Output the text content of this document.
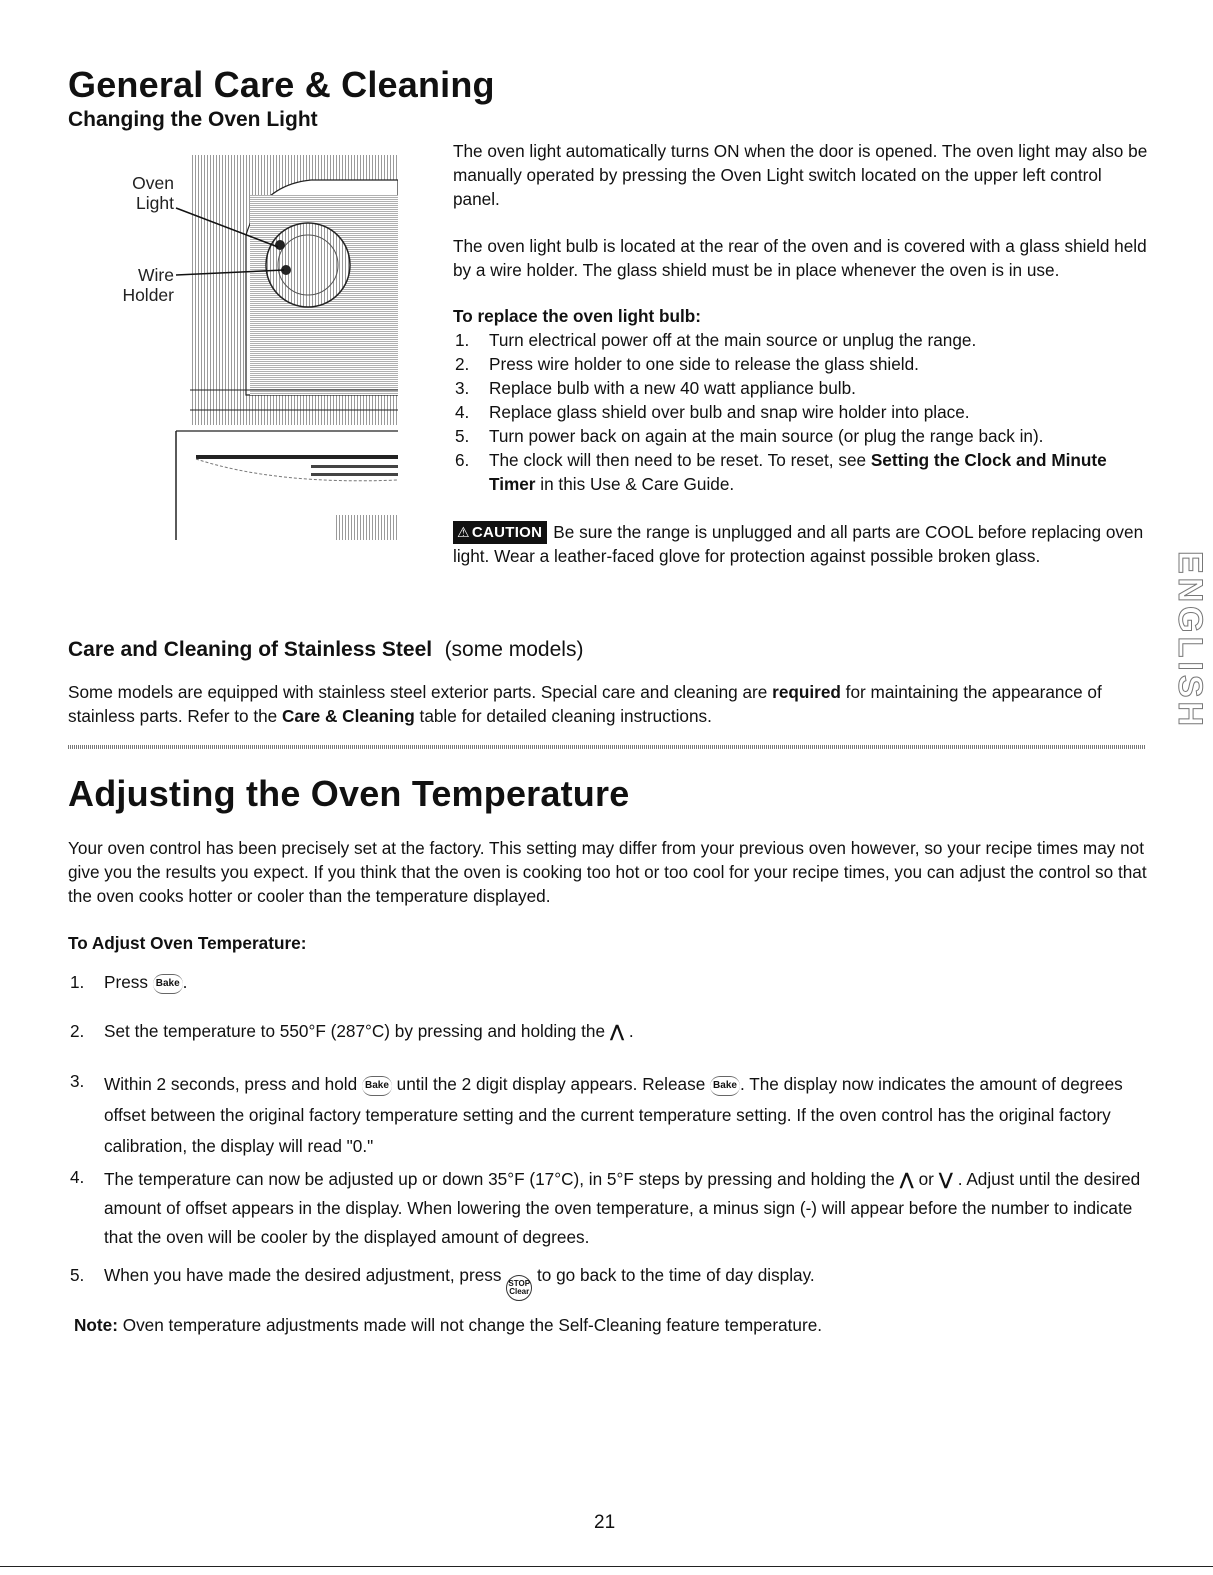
General Care & Cleaning
Changing the Oven Light
Oven
Light
Wire
Holder

The oven light automatically turns ON when the door is opened. The oven light may also be manually operated by pressing the Oven Light switch located on the upper left control panel.

The oven light bulb is located at the rear of the oven and is covered with a glass shield held by a wire holder. The glass shield must be in place whenever the oven is in use.

To replace the oven light bulb:

1. Turn electrical power off at the main source or unplug the range.
2. Press wire holder to one side to release the glass shield.
3. Replace bulb with a new 40 watt appliance bulb.
4. Replace glass shield over bulb and snap wire holder into place.
5. Turn power back on again at the main source (or plug the range back in).
6. The clock will then need to be reset. To reset, see Setting the Clock and Minute Timer in this Use & Care Guide.

⚠ CAUTION Be sure the range is unplugged and all parts are COOL before replacing oven light. Wear a leather-faced glove for protection against possible broken glass.

Care and Cleaning of Stainless Steel (some models)

Some models are equipped with stainless steel exterior parts. Special care and cleaning are required for maintaining the appearance of stainless parts. Refer to the Care & Cleaning table for detailed cleaning instructions.	ENGLISH
Adjusting the Oven Temperature

Your oven control has been precisely set at the factory. This setting may differ from your previous oven however, so your recipe times may not give you the results you expect. If you think that the oven is cooking too hot or too cool for your recipe times, you can adjust the control so that the oven cooks hotter or cooler than the temperature displayed.

To Adjust Oven Temperature:

1.	Press Bake .
2.	Set the temperature to 550°F (287°C) by pressing and holding the ⋀ .
3.	Within 2 seconds, press and hold Bake until the 2 digit display appears. Release Bake . The display now indicates the amount of degrees offset between the original factory temperature setting and the current temperature setting. If the oven control has the original factory calibration, the display will read "0."
4.	The temperature can now be adjusted up or down 35°F (17°C), in 5°F steps by pressing and holding the ⋀ or ⋁ . Adjust until the desired amount of offset appears in the display. When lowering the oven temperature, a minus sign (-) will appear before the number to indicate that the oven will be cooler by the displayed amount of degrees.
5.	When you have made the desired adjustment, press STOP
Clear
to go back to the time of day display.

Note: Oven temperature adjustments made will not change the Self-Cleaning feature temperature.

21
